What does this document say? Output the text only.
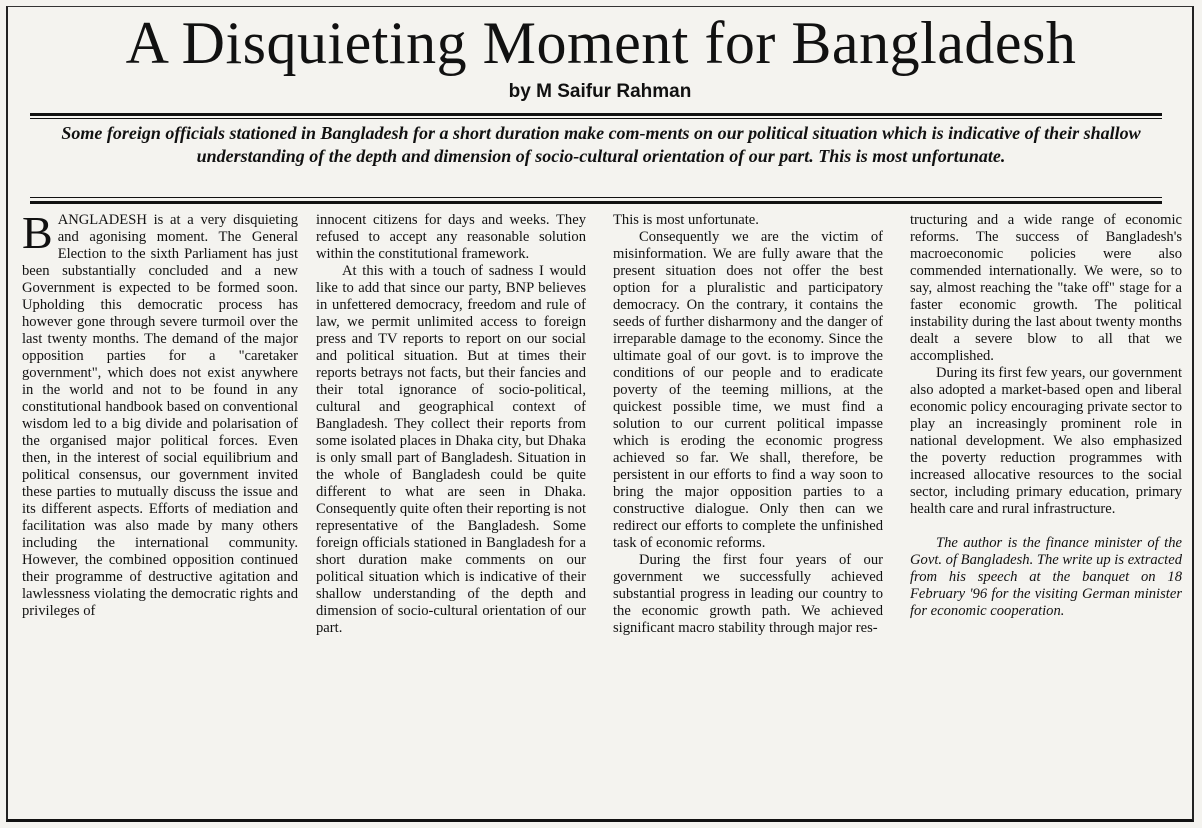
A Disquieting Moment for Bangladesh
by M Saifur Rahman
Some foreign officials stationed in Bangladesh for a short duration make com-ments on our political situation which is indicative of their shallow understanding of the depth and dimension of socio-cultural orientation of our part. This is most unfortunate.

BANGLADESH is at a very disquieting and agonising moment. The General Election to the sixth Parliament has just been substantially concluded and a new Government is expected to be formed soon. Upholding this democratic process has however gone through severe turmoil over the last twenty months. The demand of the major opposition parties for a "caretaker government", which does not exist anywhere in the world and not to be found in any constitutional handbook based on conventional wisdom led to a big divide and polarisation of the organised major political forces. Even then, in the interest of social equilibrium and political consensus, our government invited these parties to mutually discuss the issue and its different aspects. Efforts of mediation and facilitation was also made by many others including the international community. However, the combined opposition continued their programme of destructive agitation and lawlessness violating the democratic rights and privileges of

innocent citizens for days and weeks. They refused to accept any reasonable solution within the constitutional framework.

At this with a touch of sadness I would like to add that since our party, BNP believes in unfettered democracy, freedom and rule of law, we permit unlimited access to foreign press and TV reports to report on our social and political situation. But at times their reports betrays not facts, but their fancies and their total ignorance of socio-political, cultural and geographical context of Bangladesh. They collect their reports from some isolated places in Dhaka city, but Dhaka is only small part of Bangladesh. Situation in the whole of Bangladesh could be quite different to what are seen in Dhaka. Consequently quite often their reporting is not representative of the Bangladesh. Some foreign officials stationed in Bangladesh for a short duration make comments on our political situation which is indicative of their shallow understanding of the depth and dimension of socio-cultural orientation of our part.

This is most unfortunate.

Consequently we are the victim of misinformation. We are fully aware that the present situation does not offer the best option for a pluralistic and participatory democracy. On the contrary, it contains the seeds of further disharmony and the danger of irreparable damage to the economy. Since the ultimate goal of our govt. is to improve the conditions of our people and to eradicate poverty of the teeming millions, at the quickest possible time, we must find a solution to our current political impasse which is eroding the economic progress achieved so far. We shall, therefore, be persistent in our efforts to find a way soon to bring the major opposition parties to a constructive dialogue. Only then can we redirect our efforts to complete the unfinished task of economic reforms.

During the first four years of our government we successfully achieved substantial progress in leading our country to the economic growth path. We achieved significant macro stability through major res-

tructuring and a wide range of economic reforms. The success of Bangladesh's macroeconomic policies were also commended internationally. We were, so to say, almost reaching the "take off" stage for a faster economic growth. The political instability during the last about twenty months dealt a severe blow to all that we accomplished.

During its first few years, our government also adopted a market-based open and liberal economic policy encouraging private sector to play an increasingly prominent role in national development. We also emphasized the poverty reduction programmes with increased allocative resources to the social sector, including primary education, primary health care and rural infrastructure.

The author is the finance minister of the Govt. of Bangladesh. The write up is extracted from his speech at the banquet on 18 February '96 for the visiting German minister for economic cooperation.
